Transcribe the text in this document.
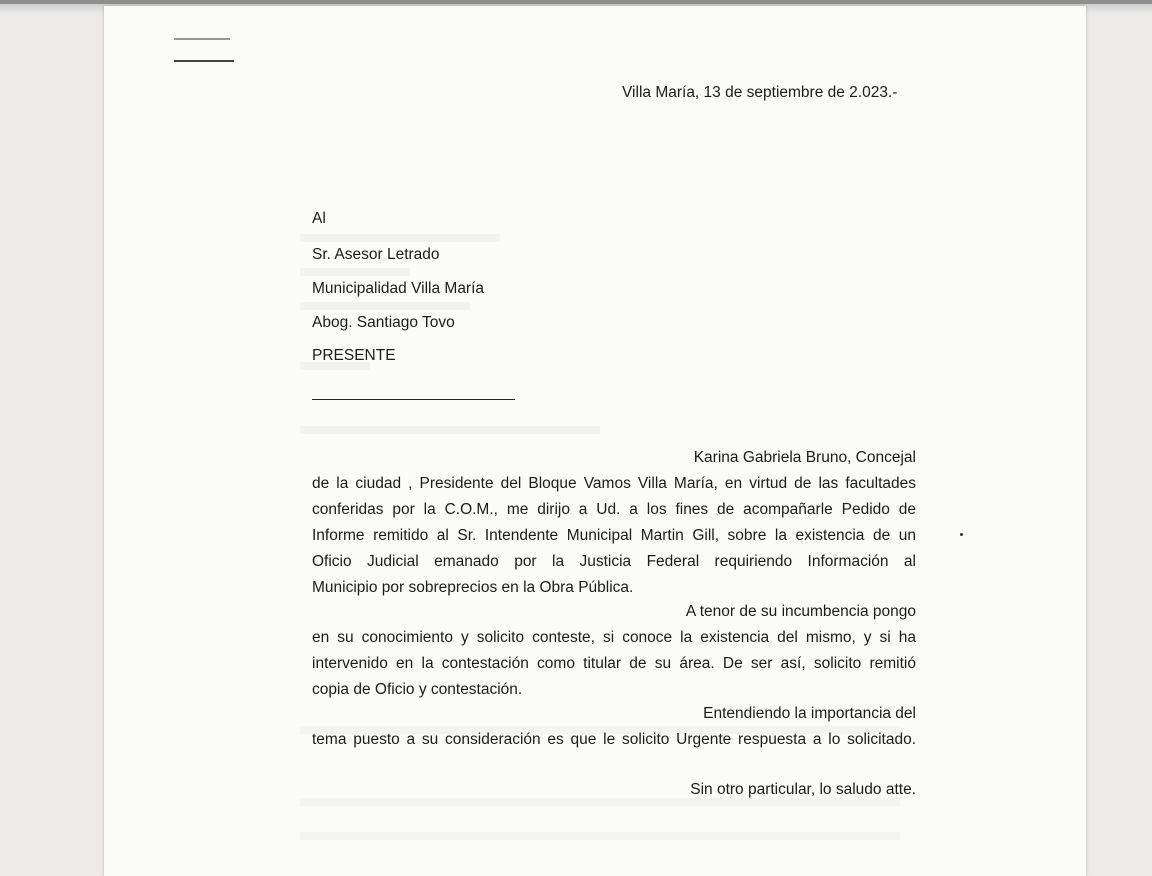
Villa María, 13 de septiembre de 2.023.-
Al
Sr. Asesor Letrado
Municipalidad Villa María
Abog. Santiago Tovo
PRESENTE
Karina Gabriela Bruno, Concejal
de la ciudad , Presidente del Bloque Vamos Villa María, en virtud de las facultades
conferidas por la C.O.M., me dirijo a Ud. a los fines de acompañarle Pedido de
Informe remitido al Sr. Intendente Municipal Martin Gill, sobre la existencia de un
Oficio Judicial emanado por la Justicia Federal requiriendo Información al
Municipio por sobreprecios en la Obra Pública.
A tenor de su incumbencia pongo
en su conocimiento y solicito conteste, si conoce la existencia del mismo, y si ha
intervenido en la contestación como titular de su área. De ser así, solicito remitió
copia de Oficio y contestación.
Entendiendo la importancia del
tema puesto a su consideración es que le solicito Urgente respuesta a lo solicitado.
Sin otro particular, lo saludo atte.
